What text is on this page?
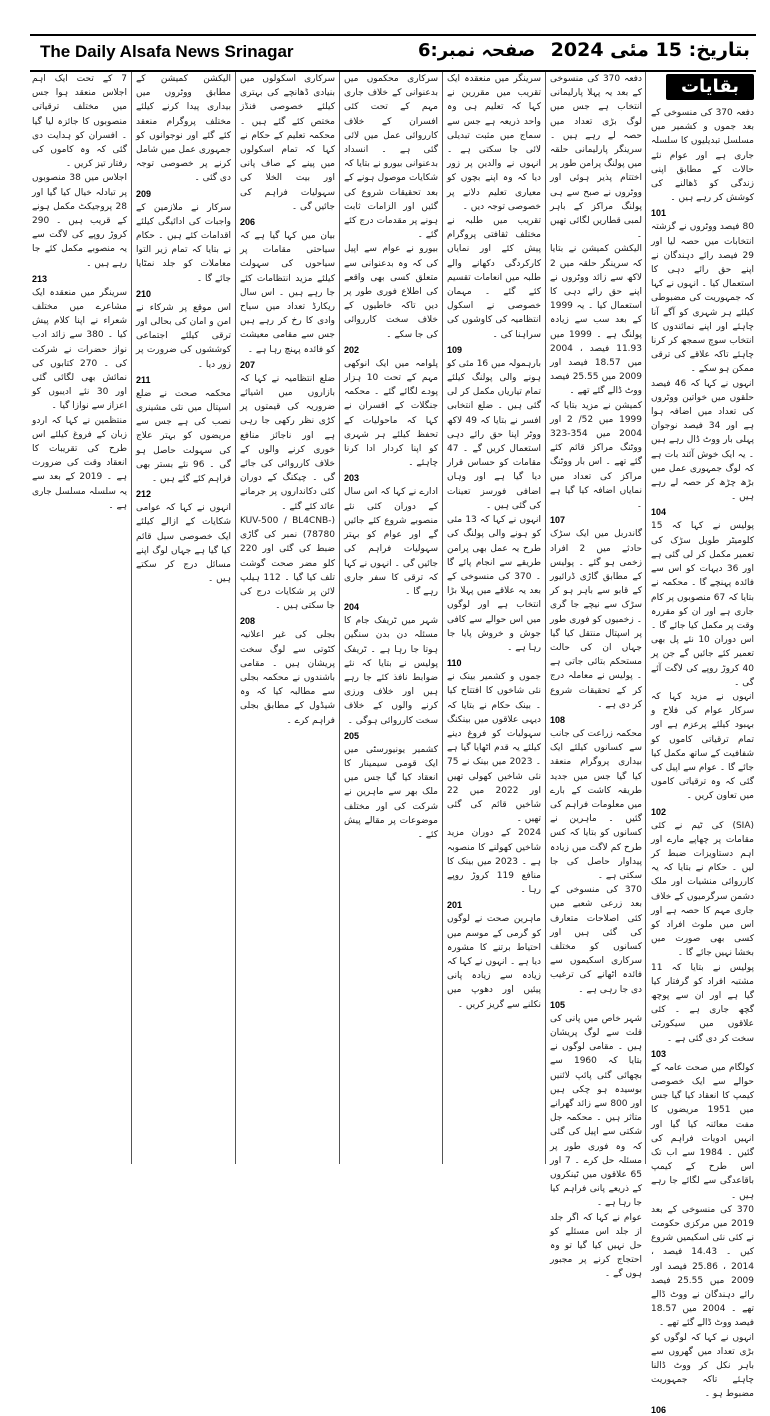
The Daily Alsafa News Srinagar	صفحہ نمبر:6 بتاریخ: 15 مئی 2024
بقایات

دفعہ 370 کی منسوخی کے بعد جموں و کشمیر میں مسلسل تبدیلیوں کا سلسلہ جاری ہے اور عوام نئے حالات کے مطابق اپنی زندگی کو ڈھالنے کی کوشش کر رہے ہیں ۔

101

80 فیصد ووٹروں نے گزشتہ انتخابات میں حصہ لیا اور 29 فیصد رائے دہندگان نے اپنے حق رائے دہی کا استعمال کیا ۔ انہوں نے کہا کہ جمہوریت کی مضبوطی کیلئے ہر شہری کو آگے آنا چاہئے اور اپنے نمائندوں کا انتخاب سوچ سمجھ کر کرنا چاہئے تاکہ علاقے کی ترقی ممکن ہو سکے ۔

انہوں نے کہا کہ 46 فیصد حلقوں میں خواتین ووٹروں کی تعداد میں اضافہ ہوا ہے اور 34 فیصد نوجوان پہلی بار ووٹ ڈال رہے ہیں ۔ یہ ایک خوش آئند بات ہے کہ لوگ جمہوری عمل میں بڑھ چڑھ کر حصہ لے رہے ہیں ۔

104

پولیس نے کہا کہ 15 کلومیٹر طویل سڑک کی تعمیر مکمل کر لی گئی ہے اور 36 دیہات کو اس سے فائدہ پہنچے گا ۔ محکمہ نے بتایا کہ 67 منصوبوں پر کام جاری ہے اور ان کو مقررہ وقت پر مکمل کیا جائے گا ۔ اس دوران 10 نئے پل بھی تعمیر کئے جائیں گے جن پر 40 کروڑ روپے کی لاگت آئے گی ۔

انہوں نے مزید کہا کہ سرکار عوام کی فلاح و بہبود کیلئے پرعزم ہے اور تمام ترقیاتی کاموں کو شفافیت کے ساتھ مکمل کیا جائے گا ۔ عوام سے اپیل کی گئی کہ وہ ترقیاتی کاموں میں تعاون کریں ۔

102

(SIA) کی ٹیم نے کئی مقامات پر چھاپے مارے اور اہم دستاویزات ضبط کر لیں ۔ حکام نے بتایا کہ یہ کارروائی منشیات اور ملک دشمن سرگرمیوں کے خلاف جاری مہم کا حصہ ہے اور اس میں ملوث افراد کو کسی بھی صورت میں بخشا نہیں جائے گا ۔

پولیس نے بتایا کہ 11 مشتبہ افراد کو گرفتار کیا گیا ہے اور ان سے پوچھ گچھ جاری ہے ۔ کئی علاقوں میں سیکورٹی سخت کر دی گئی ہے ۔

103

کولگام میں صحت عامہ کے حوالے سے ایک خصوصی کیمپ کا انعقاد کیا گیا جس میں 1951 مریضوں کا مفت معائنہ کیا گیا اور انہیں ادویات فراہم کی گئیں ۔ 1984 سے اب تک اس طرح کے کیمپ باقاعدگی سے لگائے جا رہے ہیں ۔

370 کی منسوخی کے بعد 2019 میں مرکزی حکومت نے کئی نئی اسکیمیں شروع کیں ۔ 14.43 فیصد ، 2014 ، 25.86 فیصد اور 2009 میں 25.55 فیصد رائے دہندگان نے ووٹ ڈالے تھے ۔ 2004 میں 18.57 فیصد ووٹ ڈالے گئے تھے ۔

انہوں نے کہا کہ لوگوں کو بڑی تعداد میں گھروں سے باہر نکل کر ووٹ ڈالنا چاہئے تاکہ جمہوریت مضبوط ہو ۔

106

دفعہ 370 کی منسوخی کے بعد یہ پہلا پارلیمانی انتخاب ہے جس میں لوگ بڑی تعداد میں حصہ لے رہے ہیں ۔ سرینگر پارلیمانی حلقہ میں پولنگ پرامن طور پر اختتام پذیر ہوئی اور ووٹروں نے صبح سے ہی پولنگ مراکز کے باہر لمبی قطاریں لگائی تھیں ۔

الیکشن کمیشن نے بتایا کہ سرینگر حلقہ میں 2 لاکھ سے زائد ووٹروں نے اپنے حق رائے دہی کا استعمال کیا ۔ یہ 1999 کے بعد سب سے زیادہ پولنگ ہے ۔ 1999 میں 11.93 فیصد ، 2004 میں 18.57 فیصد اور 2009 میں 25.55 فیصد ووٹ ڈالے گئے تھے ۔

کمیشن نے مزید بتایا کہ 1999 میں 52/ 2 اور 2004 میں 354-323 ووٹنگ مراکز قائم کئے گئے تھے ۔ اس بار ووٹنگ مراکز کی تعداد میں نمایاں اضافہ کیا گیا ہے ۔

107

گاندربل میں ایک سڑک حادثے میں 2 افراد زخمی ہو گئے ۔ پولیس کے مطابق گاڑی ڈرائیور کے قابو سے باہر ہو کر سڑک سے نیچے جا گری ۔ زخمیوں کو فوری طور پر اسپتال منتقل کیا گیا جہاں ان کی حالت مستحکم بتائی جاتی ہے ۔ پولیس نے معاملہ درج کر کے تحقیقات شروع کر دی ہے ۔

108

محکمہ زراعت کی جانب سے کسانوں کیلئے ایک بیداری پروگرام منعقد کیا گیا جس میں جدید طریقہ کاشت کے بارے میں معلومات فراہم کی گئیں ۔ ماہرین نے کسانوں کو بتایا کہ کس طرح کم لاگت میں زیادہ پیداوار حاصل کی جا سکتی ہے ۔

370 کی منسوخی کے بعد زرعی شعبے میں کئی اصلاحات متعارف کی گئی ہیں اور کسانوں کو مختلف سرکاری اسکیموں سے فائدہ اٹھانے کی ترغیب دی جا رہی ہے ۔

105

شہر خاص میں پانی کی قلت سے لوگ پریشان ہیں ۔ مقامی لوگوں نے بتایا کہ 1960 سے بچھائی گئی پائپ لائنیں بوسیدہ ہو چکی ہیں اور 800 سے زائد گھرانے متاثر ہیں ۔ محکمہ جل شکتی سے اپیل کی گئی کہ وہ فوری طور پر مسئلہ حل کرے ۔ 7 اور 65 علاقوں میں ٹینکروں کے ذریعے پانی فراہم کیا جا رہا ہے ۔

عوام نے کہا کہ اگر جلد از جلد اس مسئلے کو حل نہیں کیا گیا تو وہ احتجاج کرنے پر مجبور ہوں گے ۔

سرینگر میں منعقدہ ایک تقریب میں مقررین نے کہا کہ تعلیم ہی وہ واحد ذریعہ ہے جس سے سماج میں مثبت تبدیلی لائی جا سکتی ہے ۔ انہوں نے والدین پر زور دیا کہ وہ اپنے بچوں کو معیاری تعلیم دلانے پر خصوصی توجہ دیں ۔

تقریب میں طلبہ نے مختلف ثقافتی پروگرام پیش کئے اور نمایاں کارکردگی دکھانے والے طلبہ میں انعامات تقسیم کئے گئے ۔ مہمان خصوصی نے اسکول انتظامیہ کی کاوشوں کی سراہنا کی ۔

109

بارہمولہ میں 16 مئی کو ہونے والی پولنگ کیلئے تمام تیاریاں مکمل کر لی گئی ہیں ۔ ضلع انتخابی افسر نے بتایا کہ 49 لاکھ ووٹر اپنا حق رائے دہی استعمال کریں گے ۔ 47 مقامات کو حساس قرار دیا گیا ہے اور وہاں اضافی فورسز تعینات کی گئی ہیں ۔

انہوں نے کہا کہ 13 مئی کو ہونے والی پولنگ کی طرح یہ عمل بھی پرامن طریقے سے انجام پائے گا ۔ 370 کی منسوخی کے بعد یہ علاقے میں پہلا بڑا انتخاب ہے اور لوگوں میں اس حوالے سے کافی جوش و خروش پایا جا رہا ہے ۔

110

جموں و کشمیر بینک نے نئی شاخوں کا افتتاح کیا ۔ بینک حکام نے بتایا کہ دیہی علاقوں میں بینکنگ سہولیات کو فروغ دینے کیلئے یہ قدم اٹھایا گیا ہے ۔ 2023 میں بینک نے 75 نئی شاخیں کھولی تھیں اور 2022 میں 22 شاخیں قائم کی گئی تھیں ۔

2024 کے دوران مزید شاخیں کھولنے کا منصوبہ ہے ۔ 2023 میں بینک کا منافع 119 کروڑ روپے رہا ۔

201

ماہرین صحت نے لوگوں کو گرمی کے موسم میں احتیاط برتنے کا مشورہ دیا ہے ۔ انہوں نے کہا کہ زیادہ سے زیادہ پانی پیئیں اور دھوپ میں نکلنے سے گریز کریں ۔

سرکاری محکموں میں بدعنوانی کے خلاف جاری مہم کے تحت کئی افسران کے خلاف کارروائی عمل میں لائی گئی ہے ۔ انسداد بدعنوانی بیورو نے بتایا کہ شکایات موصول ہونے کے بعد تحقیقات شروع کی گئیں اور الزامات ثابت ہونے پر مقدمات درج کئے گئے ۔

بیورو نے عوام سے اپیل کی کہ وہ بدعنوانی سے متعلق کسی بھی واقعے کی اطلاع فوری طور پر دیں تاکہ خاطیوں کے خلاف سخت کارروائی کی جا سکے ۔

202

پلوامہ میں ایک انوکھی مہم کے تحت 10 ہزار پودے لگائے گئے ۔ محکمہ جنگلات کے افسران نے کہا کہ ماحولیات کے تحفظ کیلئے ہر شہری کو اپنا کردار ادا کرنا چاہئے ۔

203

ادارے نے کہا کہ اس سال کے دوران کئی نئے منصوبے شروع کئے جائیں گے اور عوام کو بہتر سہولیات فراہم کی جائیں گی ۔ انہوں نے کہا کہ ترقی کا سفر جاری رہے گا ۔

204

شہر میں ٹریفک جام کا مسئلہ دن بدن سنگین ہوتا جا رہا ہے ۔ ٹریفک پولیس نے بتایا کہ نئے ضوابط نافذ کئے جا رہے ہیں اور خلاف ورزی کرنے والوں کے خلاف سخت کارروائی ہوگی ۔

205

کشمیر یونیورسٹی میں ایک قومی سیمینار کا انعقاد کیا گیا جس میں ملک بھر سے ماہرین نے شرکت کی اور مختلف موضوعات پر مقالے پیش کئے ۔

سرکاری اسکولوں میں بنیادی ڈھانچے کی بہتری کیلئے خصوصی فنڈز مختص کئے گئے ہیں ۔ محکمہ تعلیم کے حکام نے کہا کہ تمام اسکولوں میں پینے کے صاف پانی اور بیت الخلا کی سہولیات فراہم کی جائیں گی ۔

206

بیان میں کہا گیا ہے کہ سیاحتی مقامات پر سیاحوں کی سہولت کیلئے مزید انتظامات کئے جا رہے ہیں ۔ اس سال ریکارڈ تعداد میں سیاح وادی کا رخ کر رہے ہیں جس سے مقامی معیشت کو فائدہ پہنچ رہا ہے ۔

207

ضلع انتظامیہ نے کہا کہ بازاروں میں اشیائے ضروریہ کی قیمتوں پر کڑی نظر رکھی جا رہی ہے اور ناجائز منافع خوری کرنے والوں کے خلاف کارروائی کی جائے گی ۔ چیکنگ کے دوران کئی دکانداروں پر جرمانے عائد کئے گئے ۔

(KUV-500 / BL4CNB-78780) نمبر کی گاڑی ضبط کی گئی اور 220 کلو مضر صحت گوشت تلف کیا گیا ۔ 112 ہیلپ لائن پر شکایات درج کی جا سکتی ہیں ۔

208

بجلی کی غیر اعلانیہ کٹوتی سے لوگ سخت پریشان ہیں ۔ مقامی باشندوں نے محکمہ بجلی سے مطالبہ کیا کہ وہ شیڈول کے مطابق بجلی فراہم کرے ۔

الیکشن کمیشن کے مطابق ووٹروں میں بیداری پیدا کرنے کیلئے مختلف پروگرام منعقد کئے گئے اور نوجوانوں کو جمہوری عمل میں شامل کرنے پر خصوصی توجہ دی گئی ۔

209

سرکار نے ملازمین کے واجبات کی ادائیگی کیلئے اقدامات کئے ہیں ۔ حکام نے بتایا کہ تمام زیر التوا معاملات کو جلد نمٹایا جائے گا ۔

210

اس موقع پر شرکاء نے امن و امان کی بحالی اور ترقی کیلئے اجتماعی کوششوں کی ضرورت پر زور دیا ۔

211

محکمہ صحت نے ضلع اسپتال میں نئی مشینری نصب کی ہے جس سے مریضوں کو بہتر علاج کی سہولت حاصل ہو گی ۔ 96 نئے بستر بھی فراہم کئے گئے ہیں ۔

212

انہوں نے کہا کہ عوامی شکایات کے ازالے کیلئے ایک خصوصی سیل قائم کیا گیا ہے جہاں لوگ اپنے مسائل درج کر سکتے ہیں ۔

7 کے تحت ایک اہم اجلاس منعقد ہوا جس میں مختلف ترقیاتی منصوبوں کا جائزہ لیا گیا ۔ افسران کو ہدایت دی گئی کہ وہ کاموں کی رفتار تیز کریں ۔

اجلاس میں 38 منصوبوں پر تبادلہ خیال کیا گیا اور 28 پروجیکٹ مکمل ہونے کے قریب ہیں ۔ 290 کروڑ روپے کی لاگت سے یہ منصوبے مکمل کئے جا رہے ہیں ۔

213

سرینگر میں منعقدہ ایک مشاعرے میں مختلف شعراء نے اپنا کلام پیش کیا ۔ 380 سے زائد ادب نواز حضرات نے شرکت کی ۔ 270 کتابوں کی نمائش بھی لگائی گئی اور 30 نئے ادیبوں کو اعزاز سے نوازا گیا ۔

منتظمین نے کہا کہ اردو زبان کے فروغ کیلئے اس طرح کی تقریبات کا انعقاد وقت کی ضرورت ہے ۔ 2019 کے بعد سے یہ سلسلہ مسلسل جاری ہے ۔
